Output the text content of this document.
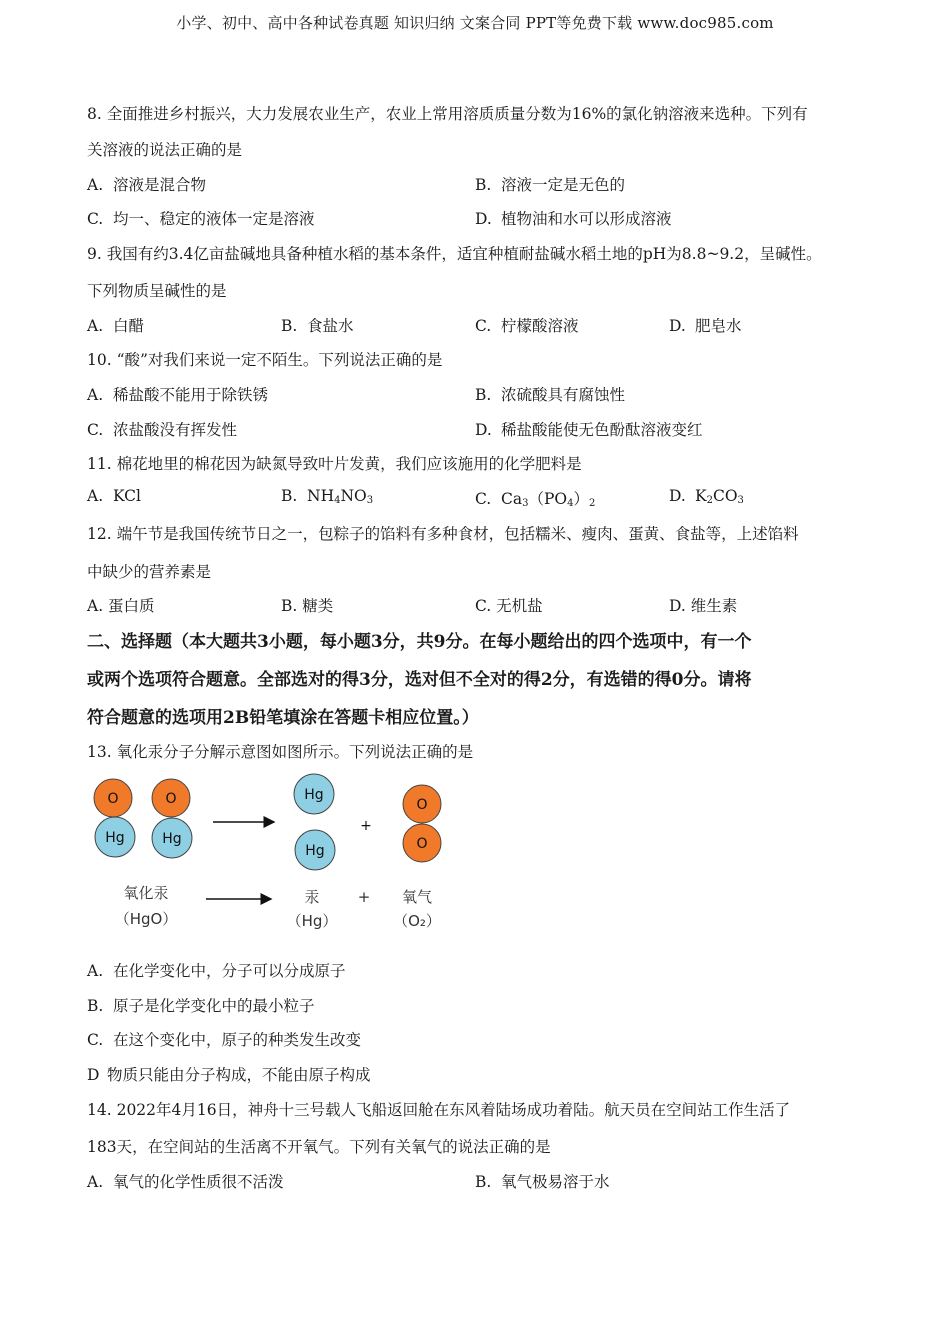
小学、初中、高中各种试卷真题 知识归纳 文案合同 PPT等免费下载 www.doc985.com
8. 全面推进乡村振兴，大力发展农业生产，农业上常用溶质质量分数为16%的氯化钠溶液来选种。下列有
关溶液的说法正确的是
A. 溶液是混合物	B. 溶液一定是无色的
C. 均一、稳定的液体一定是溶液	D. 植物油和水可以形成溶液
9. 我国有约3.4亿亩盐碱地具备种植水稻的基本条件，适宜种植耐盐碱水稻土地的pH为8.8~9.2，呈碱性。
下列物质呈碱性的是
A. 白醋	B. 食盐水	C. 柠檬酸溶液	D. 肥皂水
10. “酸”对我们来说一定不陌生。下列说法正确的是
A. 稀盐酸不能用于除铁锈	B. 浓硫酸具有腐蚀性
C. 浓盐酸没有挥发性	D. 稀盐酸能使无色酚酞溶液变红
11. 棉花地里的棉花因为缺氮导致叶片发黄，我们应该施用的化学肥料是
A. KCl	B. $NH_4NO_3$	C. $Ca_3(PO_4)_2$	D. $K_2CO_3$
12. 端午节是我国传统节日之一，包粽子的馅料有多种食材，包括糯米、瘦肉、蛋黄、食盐等，上述馅料
中缺少的营养素是
A. 蛋白质	B. 糖类	C. 无机盐	D. 维生素
二、选择题（本大题共3小题，每小题3分，共9分。在每小题给出的四个选项中，有一个
或两个选项符合题意。全部选对的得3分，选对但不全对的得2分，有选错的得0分。请将
符合题意的选项用2B铅笔填涂在答题卡相应位置。）
13. 氧化汞分子分解示意图如图所示。下列说法正确的是
O
Hg
O
Hg
Hg
Hg
+
O
O
氧化汞
（HgO）
汞
（Hg）
+ 氧气
（O₂）
A. 在化学变化中，分子可以分成原子
B. 原子是化学变化中的最小粒子
C. 在这个变化中，原子的种类发生改变
D 物质只能由分子构成，不能由原子构成
14. 2022年4月16日，神舟十三号载人飞船返回舱在东风着陆场成功着陆。航天员在空间站工作生活了
183天，在空间站的生活离不开氧气。下列有关氧气的说法正确的是
A. 氧气的化学性质很不活泼	B. 氧气极易溶于水
